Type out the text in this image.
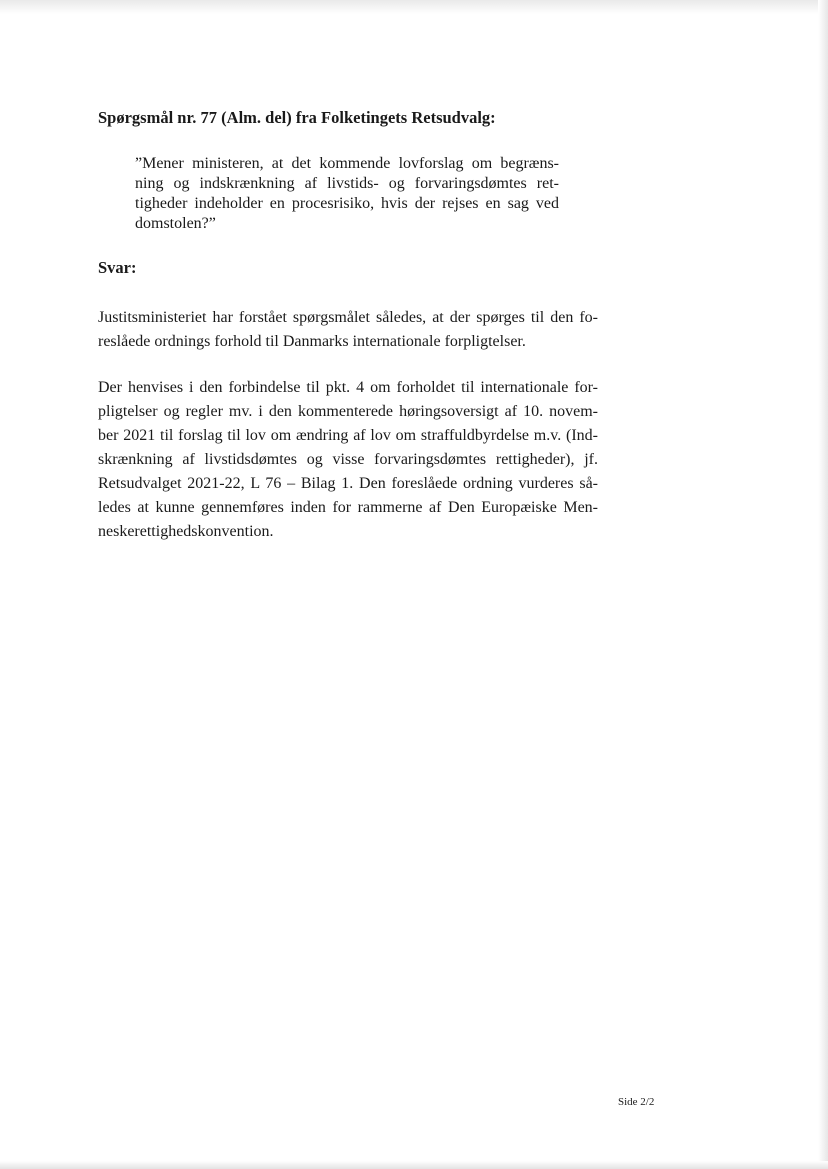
Spørgsmål nr. 77 (Alm. del) fra Folketingets Retsudvalg:
”Mener ministeren, at det kommende lovforslag om begræns-
ning og indskrænkning af livstids- og forvaringsdømtes ret-
tigheder indeholder en procesrisiko, hvis der rejses en sag ved
domstolen?”
Svar:
Justitsministeriet har forstået spørgsmålet således, at der spørges til den fo-
reslåede ordnings forhold til Danmarks internationale forpligtelser.
Der henvises i den forbindelse til pkt. 4 om forholdet til internationale for-
pligtelser og regler mv. i den kommenterede høringsoversigt af 10. novem-
ber 2021 til forslag til lov om ændring af lov om straffuldbyrdelse m.v. (Ind-
skrænkning af livstidsdømtes og visse forvaringsdømtes rettigheder), jf.
Retsudvalget 2021-22, L 76 – Bilag 1. Den foreslåede ordning vurderes så-
ledes at kunne gennemføres inden for rammerne af Den Europæiske Men-
neskerettighedskonvention.
Side 2/2
